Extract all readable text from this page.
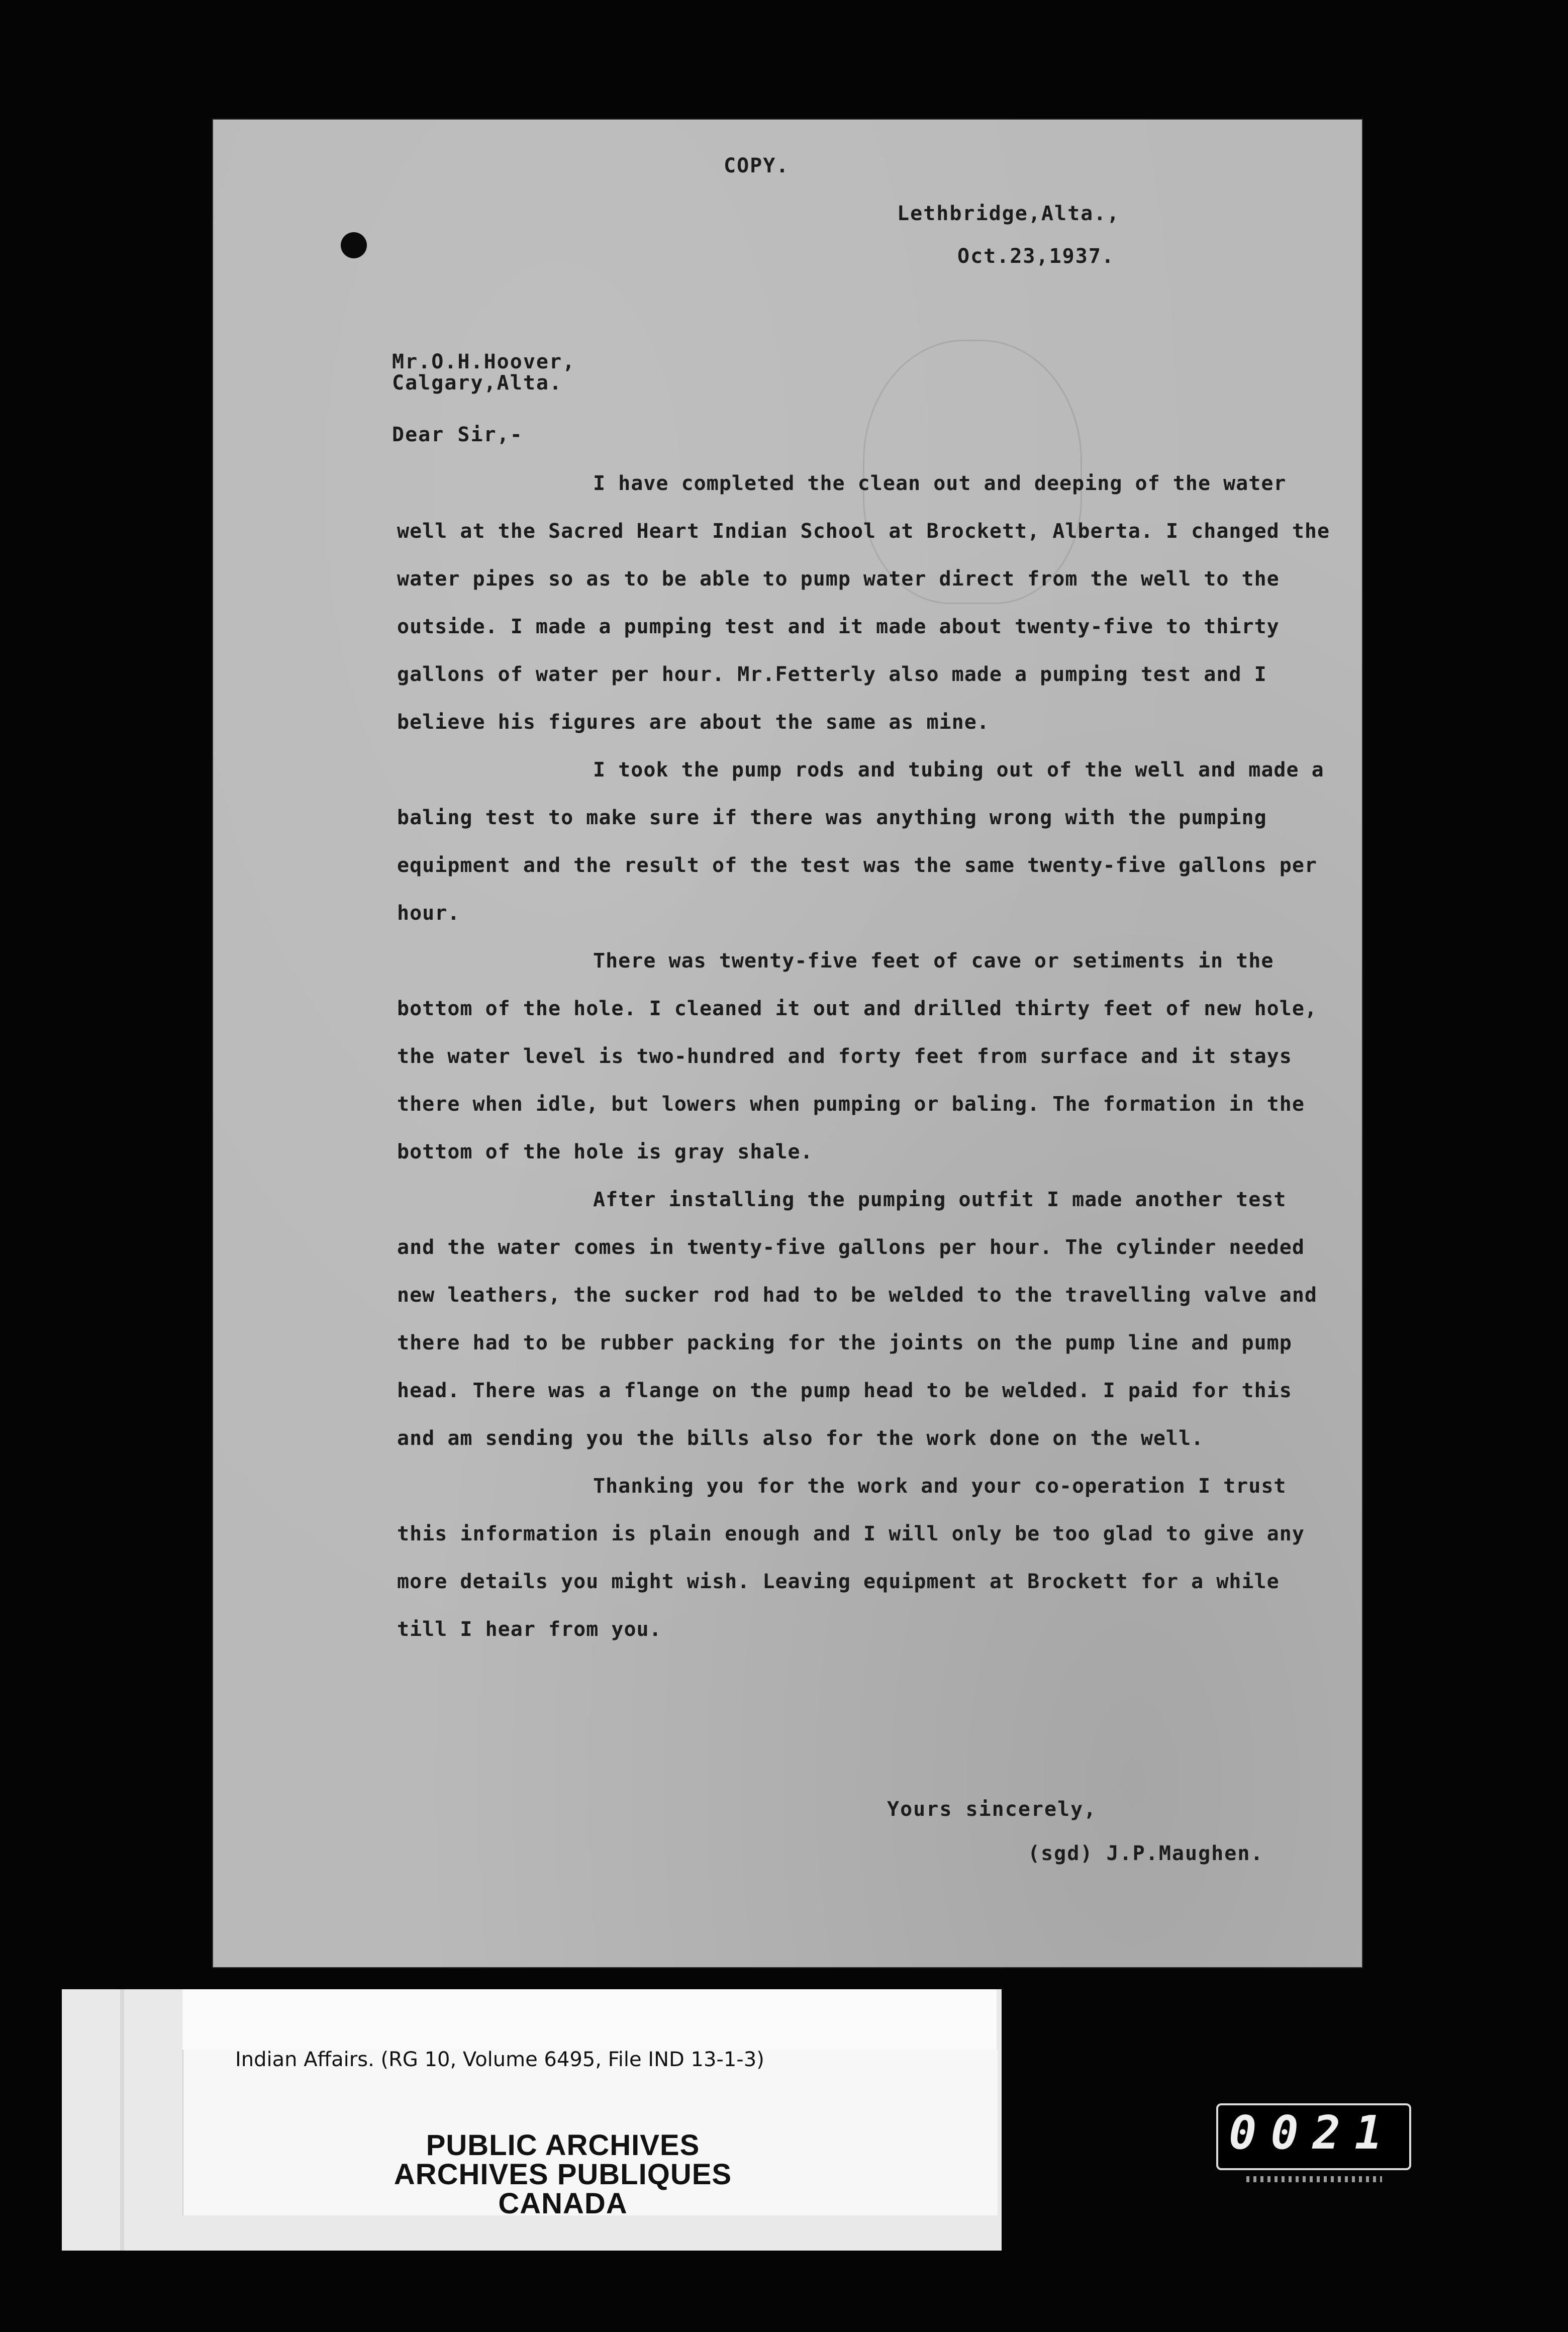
COPY.
Lethbridge,Alta.,
Oct.23,1937.
Mr.O.H.Hoover,
Calgary,Alta.
Dear Sir,-

I have completed the clean out and deeping of the water well at the Sacred Heart Indian School at Brockett, Alberta. I changed the water pipes so as to be able to pump water direct from the well to the outside. I made a pumping test and it made about twenty-five to thirty gallons of water per hour. Mr.Fetterly also made a pumping test and I believe his figures are about the same as mine.

I took the pump rods and tubing out of the well and made a baling test to make sure if there was anything wrong with the pumping equipment and the result of the test was the same twenty-five gallons per hour.

There was twenty-five feet of cave or setiments in the bottom of the hole. I cleaned it out and drilled thirty feet of new hole, the water level is two-hundred and forty feet from surface and it stays there when idle, but lowers when pumping or baling. The formation in the bottom of the hole is gray shale.

After installing the pumping outfit I made another test and the water comes in twenty-five gallons per hour. The cylinder needed new leathers, the sucker rod had to be welded to the travelling valve and there had to be rubber packing for the joints on the pump line and pump head. There was a flange on the pump head to be welded. I paid for this and am sending you the bills also for the work done on the well.

Thanking you for the work and your co-operation I trust this information is plain enough and I will only be too glad to give any more details you might wish. Leaving equipment at Brockett for a while till I hear from you.

Yours sincerely,
(sgd) J.P.Maughen.
Indian Affairs. (RG 10, Volume 6495, File IND 13-1-3)
PUBLIC ARCHIVES
ARCHIVES PUBLIQUES
CANADA
0021
